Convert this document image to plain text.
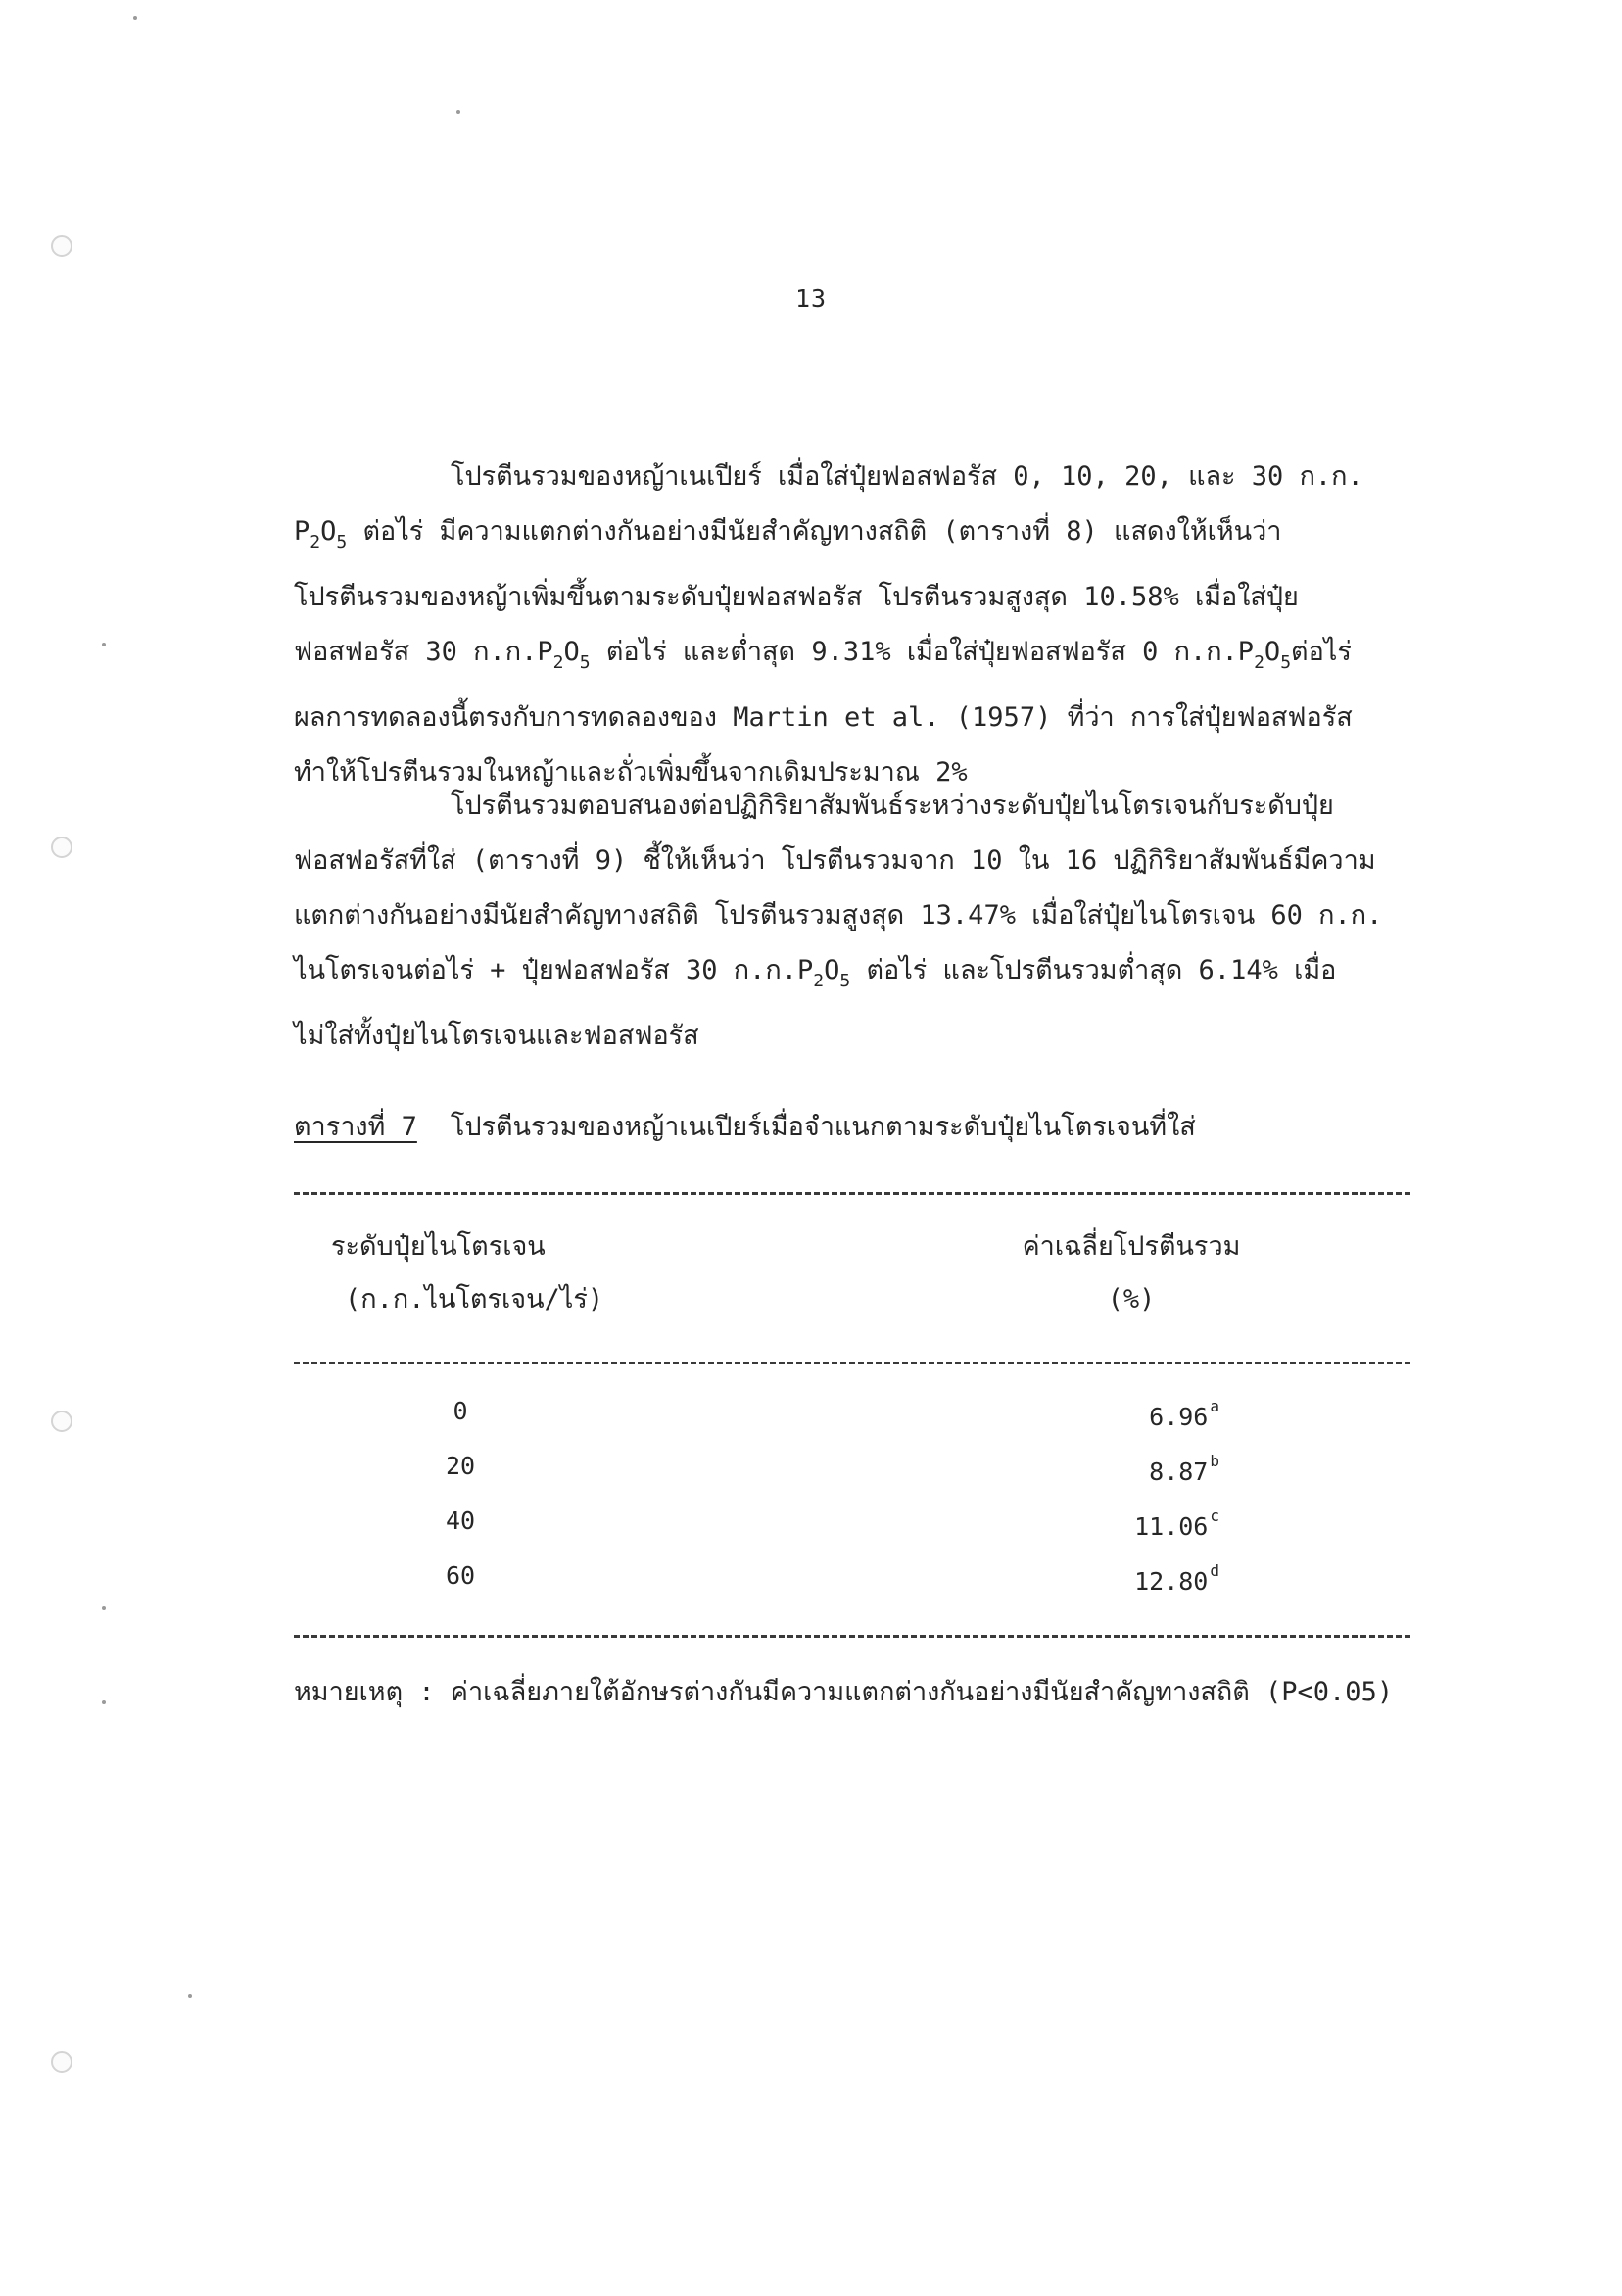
13

โปรตีนรวมของหญ้าเนเปียร์ เมื่อใส่ปุ๋ยฟอสฟอรัส 0, 10, 20, และ 30 ก.ก.
$P_2O_5$ ต่อไร่ มีความแตกต่างกันอย่างมีนัยสำคัญทางสถิติ (ตารางที่ 8) แสดงให้เห็นว่า
โปรตีนรวมของหญ้าเพิ่มขึ้นตามระดับปุ๋ยฟอสฟอรัส โปรตีนรวมสูงสุด 10.58% เมื่อใส่ปุ๋ย
ฟอสฟอรัส 30 ก.ก$.P_2O_5$ ต่อไร่ และต่ำสุด 9.31% เมื่อใส่ปุ๋ยฟอสฟอรัส 0 ก.ก$.P_2O_5$ต่อไร่
ผลการทดลองนี้ตรงกับการทดลองของ Martin et al. (1957) ที่ว่า การใส่ปุ๋ยฟอสฟอรัส
ทำให้โปรตีนรวมในหญ้าและถั่วเพิ่มขึ้นจากเดิมประมาณ 2%

โปรตีนรวมตอบสนองต่อปฏิกิริยาสัมพันธ์ระหว่างระดับปุ๋ยไนโตรเจนกับระดับปุ๋ย
ฟอสฟอรัสที่ใส่ (ตารางที่ 9) ชี้ให้เห็นว่า โปรตีนรวมจาก 10 ใน 16 ปฏิกิริยาสัมพันธ์มีความ
แตกต่างกันอย่างมีนัยสำคัญทางสถิติ โปรตีนรวมสูงสุด 13.47% เมื่อใส่ปุ๋ยไนโตรเจน 60 ก.ก.
ไนโตรเจนต่อไร่ + ปุ๋ยฟอสฟอรัส 30 ก.ก$.P_2O_5$ ต่อไร่ และโปรตีนรวมต่ำสุด 6.14% เมื่อ
ไม่ใส่ทั้งปุ๋ยไนโตรเจนและฟอสฟอรัส

ตารางที่ 7 โปรตีนรวมของหญ้าเนเปียร์เมื่อจำแนกตามระดับปุ๋ยไนโตรเจนที่ใส่
ระดับปุ๋ยไนโตรเจน
(ก.ก.ไนโตรเจน/ไร่)
ค่าเฉลี่ยโปรตีนรวม
(%)
0	6.96 $^a$
20	8.87 $^b$
40	11.06 $^c$
60	12.80 $^d$
หมายเหตุ : ค่าเฉลี่ยภายใต้อักษรต่างกันมีความแตกต่างกันอย่างมีนัยสำคัญทางสถิติ (P<0.05)
